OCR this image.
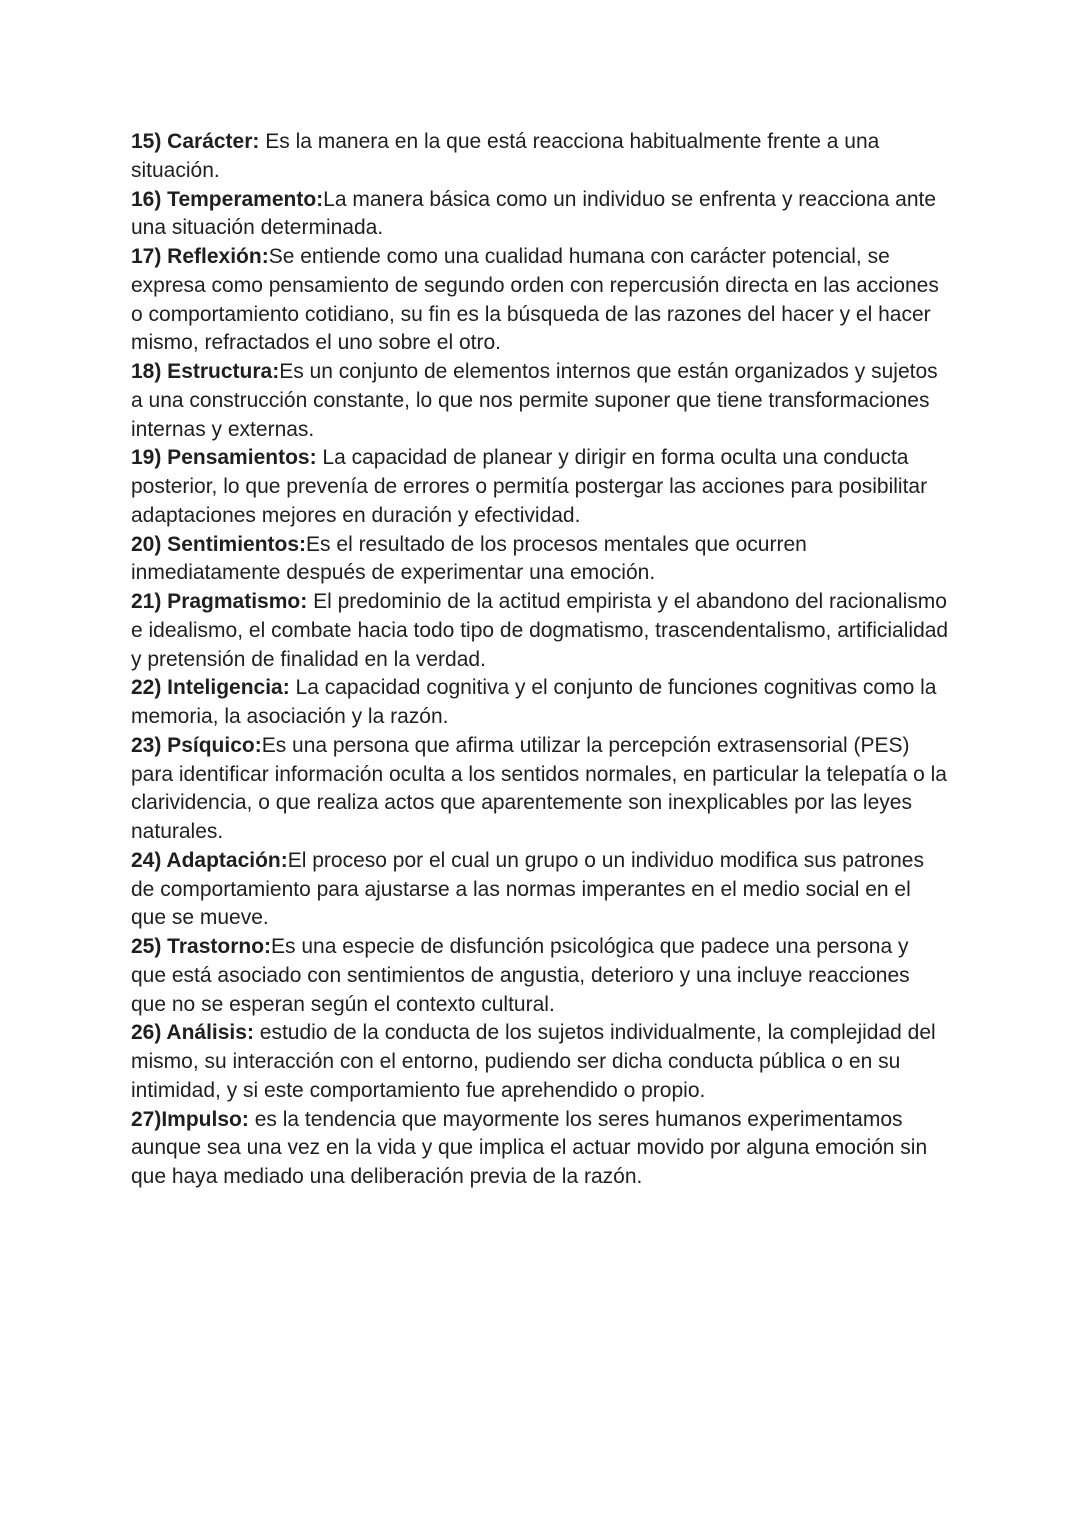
15) Carácter: Es la manera en la que está reacciona habitualmente frente a una situación.

16) Temperamento:La manera básica como un individuo se enfrenta y reacciona ante una situación determinada.

17) Reflexión:Se entiende como una cualidad humana con carácter potencial, se expresa como pensamiento de segundo orden con repercusión directa en las acciones o comportamiento cotidiano, su fin es la búsqueda de las razones del hacer y el hacer mismo, refractados el uno sobre el otro.

18) Estructura:Es un conjunto de elementos internos que están organizados y sujetos a una construcción constante, lo que nos permite suponer que tiene transformaciones internas y externas.

19) Pensamientos: La capacidad de planear y dirigir en forma oculta una conducta posterior, lo que prevenía de errores o permitía postergar las acciones para posibilitar adaptaciones mejores en duración y efectividad.

20) Sentimientos:Es el resultado de los procesos mentales que ocurren inmediatamente después de experimentar una emoción.

21) Pragmatismo: El predominio de la actitud empirista y el abandono del racionalismo e idealismo, el combate hacia todo tipo de dogmatismo, trascendentalismo, artificialidad y pretensión de finalidad en la verdad.

22) Inteligencia: La capacidad cognitiva y el conjunto de funciones cognitivas como la memoria, la asociación y la razón.

23) Psíquico:Es una persona que afirma utilizar la percepción extrasensorial (PES) para identificar información oculta a los sentidos normales, en particular la telepatía o la clarividencia, o que realiza actos que aparentemente son inexplicables por las leyes naturales.

24) Adaptación:El proceso por el cual un grupo o un individuo modifica sus patrones de comportamiento para ajustarse a las normas imperantes en el medio social en el que se mueve.

25) Trastorno:Es una especie de disfunción psicológica que padece una persona y que está asociado con sentimientos de angustia, deterioro y una incluye reacciones que no se esperan según el contexto cultural.

26) Análisis: estudio de la conducta de los sujetos individualmente, la complejidad del mismo, su interacción con el entorno, pudiendo ser dicha conducta pública o en su intimidad, y si este comportamiento fue aprehendido o propio.

27)Impulso: es la tendencia que mayormente los seres humanos experimentamos aunque sea una vez en la vida y que implica el actuar movido por alguna emoción sin que haya mediado una deliberación previa de la razón.
